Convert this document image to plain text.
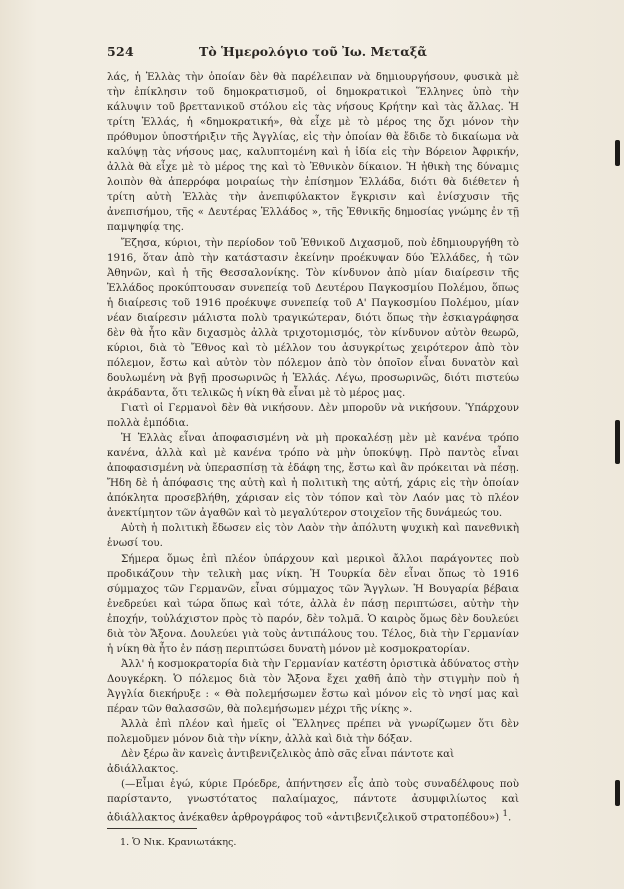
524	Τὸ Ἡμερολόγιο τοῦ Ἰω. Μεταξᾶ

λάς, ἡ Ἑλλὰς τὴν ὁποίαν δὲν θὰ παρέλειπαν νὰ δημιουργήσουν, φυσικὰ μὲ τὴν ἐπίκλησιν τοῦ δημοκρατισμοῦ, οἱ δημοκρατικοὶ Ἕλληνες ὑπὸ τὴν κάλυψιν τοῦ βρεττανικοῦ στόλου εἰς τὰς νήσους Κρήτην καὶ τὰς ἄλλας. Ἡ τρίτη Ἑλλάς, ἡ «δημοκρατική», θὰ εἶχε μὲ τὸ μέρος της ὄχι μόνον τὴν πρόθυμον ὑποστήριξιν τῆς Ἀγγλίας, εἰς τὴν ὁποίαν θὰ ἔδιδε τὸ δικαίωμα νὰ καλύψῃ τὰς νήσους μας, καλυπτομένη καὶ ἡ ἰδία εἰς τὴν Βόρειον Ἀφρικήν, ἀλλὰ θὰ εἶχε μὲ τὸ μέρος της καὶ τὸ Ἐθνικὸν δίκαιον. Ἡ ἠθικὴ της δύναμις λοιπὸν θὰ ἀπερρόφα μοιραίως τὴν ἐπίσημον Ἑλλάδα, διότι θὰ διέθετεν ἡ τρίτη αὐτὴ Ἑλλὰς τὴν ἀνεπιφύλακτον ἔγκρισιν καὶ ἐνίσχυσιν τῆς ἀνεπισήμου, τῆς « Δευτέρας Ἑλλάδος », τῆς Ἐθνικῆς δημοσίας γνώμης ἐν τῇ παμψηφίᾳ της.

Ἔζησα, κύριοι, τὴν περίοδον τοῦ Ἐθνικοῦ Διχασμοῦ, ποὺ ἐδημιουργήθη τὸ 1916, ὅταν ἀπὸ τὴν κατάστασιν ἐκείνην προέκυψαν δύο Ἑλλάδες, ἡ τῶν Ἀθηνῶν, καὶ ἡ τῆς Θεσσαλονίκης. Τὸν κίνδυνον ἀπὸ μίαν διαίρεσιν τῆς Ἑλλάδος προκύπτουσαν συνεπείᾳ τοῦ Δευτέρου Παγκοσμίου Πολέμου, ὅπως ἡ διαίρεσις τοῦ 1916 προέκυψε συνεπείᾳ τοῦ Α' Παγκοσμίου Πολέμου, μίαν νέαν διαίρεσιν μάλιστα πολὺ τραγικώτεραν, διότι ὅπως τὴν ἐσκιαγράφησα δὲν θὰ ἦτο κἂν διχασμὸς ἀλλὰ τριχοτομισμός, τὸν κίνδυνον αὐτὸν θεωρῶ, κύριοι, διὰ τὸ Ἔθνος καὶ τὸ μέλλον του ἀσυγκρίτως χειρότερον ἀπὸ τὸν πόλεμον, ἔστω καὶ αὐτὸν τὸν πόλεμον ἀπὸ τὸν ὁποῖον εἶναι δυνατὸν καὶ δουλωμένη νὰ βγῇ προσωρινῶς ἡ Ἑλλάς. Λέγω, προσωρινῶς, διότι πιστεύω ἀκράδαντα, ὅτι τελικῶς ἡ νίκη θὰ εἶναι μὲ τὸ μέρος μας.

Γιατὶ οἱ Γερμανοὶ δὲν θὰ νικήσουν. Δὲν μποροῦν νὰ νικήσουν. Ὑπάρχουν πολλὰ ἐμπόδια.

Ἡ Ἑλλὰς εἶναι ἀποφασισμένη νὰ μὴ προκαλέσῃ μὲν μὲ κανένα τρόπο κανένα, ἀλλὰ καὶ μὲ κανένα τρόπο νὰ μὴν ὑποκύψῃ. Πρὸ παντὸς εἶναι ἀποφασισμένη νὰ ὑπερασπίσῃ τὰ ἐδάφη της, ἔστω καὶ ἂν πρόκειται νὰ πέσῃ. Ἤδη δὲ ἡ ἀπόφασις της αὐτὴ καὶ ἡ πολιτικὴ της αὐτή, χάρις εἰς τὴν ὁποίαν ἀπόκλητα προσεβλήθη, χάρισαν εἰς τὸν τόπον καὶ τὸν Λαόν μας τὸ πλέον ἀνεκτίμητον τῶν ἀγαθῶν καὶ τὸ μεγαλύτερον στοιχεῖον τῆς δυνάμεώς του.

Αὐτὴ ἡ πολιτικὴ ἔδωσεν εἰς τὸν Λαὸν τὴν ἀπόλυτη ψυχικὴ καὶ πανεθνικὴ ἑνωσί του.

Σήμερα ὅμως ἐπὶ πλέον ὑπάρχουν καὶ μερικοὶ ἄλλοι παράγοντες ποὺ προδικάζουν τὴν τελικὴ μας νίκη. Ἡ Τουρκία δὲν εἶναι ὅπως τὸ 1916 σύμμαχος τῶν Γερμανῶν, εἶναι σύμμαχος τῶν Ἄγγλων. Ἡ Βουγαρία βέβαια ἐνεδρεύει καὶ τώρα ὅπως καὶ τότε, ἀλλὰ ἐν πάσῃ περιπτώσει, αὐτὴν τὴν ἐποχήν, τοὐλάχιστον πρὸς τὸ παρόν, δὲν τολμᾶ. Ὁ καιρὸς ὅμως δὲν δουλεύει διὰ τὸν Ἄξονα. Δουλεύει γιὰ τοὺς ἀντιπάλους του. Τέλος, διὰ τὴν Γερμανίαν ἡ νίκη θὰ ἦτο ἐν πάσῃ περιπτώσει δυνατὴ μόνον μὲ κοσμοκρατορίαν.

Ἀλλ' ἡ κοσμοκρατορία διὰ τὴν Γερμανίαν κατέστη ὁριστικὰ ἀδύνατος στὴν Δουγκέρκη. Ὁ πόλεμος διὰ τὸν Ἄξονα ἔχει χαθῆ ἀπὸ τὴν στιγμὴν ποὺ ἡ Ἀγγλία διεκήρυξε : « Θὰ πολεμήσωμεν ἔστω καὶ μόνον εἰς τὸ νησί μας καὶ πέραν τῶν θαλασσῶν, θὰ πολεμήσωμεν μέχρι τῆς νίκης ».

Ἀλλὰ ἐπὶ πλέον καὶ ἡμεῖς οἱ Ἕλληνες πρέπει νὰ γνωρίζωμεν ὅτι δὲν πολεμοῦμεν μόνον διὰ τὴν νίκην, ἀλλὰ καὶ διὰ τὴν δόξαν.

Δὲν ξέρω ἂν κανεὶς ἀντιβενιζελικὸς ἀπὸ σᾶς εἶναι πάντοτε καὶ ἀδιάλλακτος.

(—Εἶμαι ἐγώ, κύριε Πρόεδρε, ἀπήντησεν εἷς ἀπὸ τοὺς συναδέλφους ποὺ παρίσταντο, γνωστότατος παλαίμαχος, πάντοτε ἀσυμφιλίωτος καὶ ἀδιάλλακτος ἀνέκαθεν ἀρθρογράφος τοῦ «ἀντιβενιζελικοῦ στρατοπέδου») $^1$.

1. Ὁ Νικ. Κρανιωτάκης.
